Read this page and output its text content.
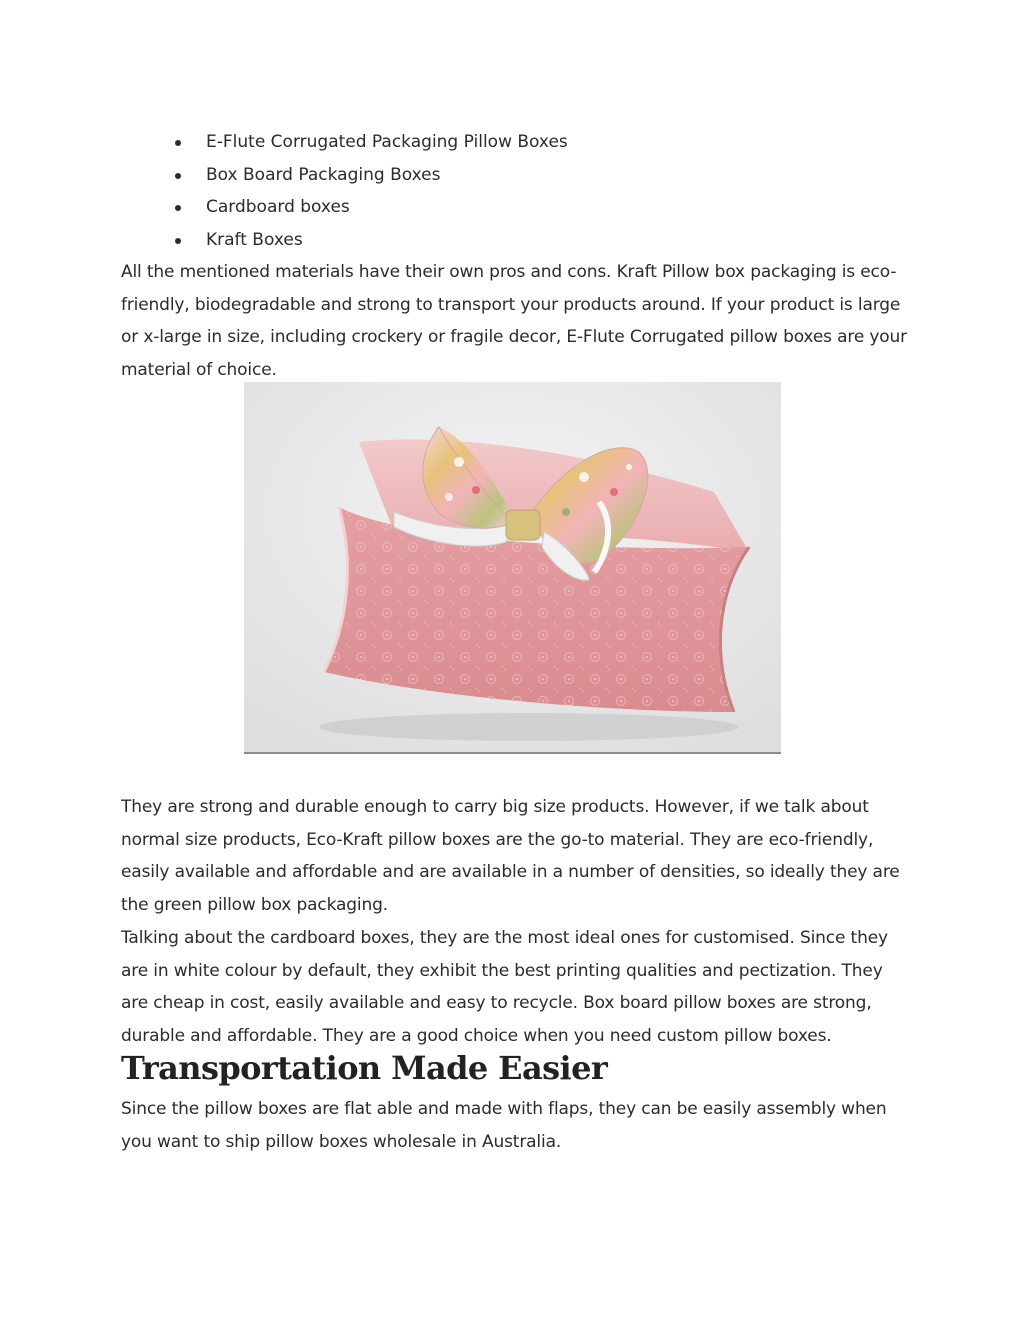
E-Flute Corrugated Packaging Pillow Boxes
Box Board Packaging Boxes
Cardboard boxes
Kraft Boxes

All the mentioned materials have their own pros and cons. Kraft Pillow box packaging is eco-friendly, biodegradable and strong to transport your products around. If your product is large or x-large in size, including crockery or fragile decor, E-Flute Corrugated pillow boxes are your material of choice.

They are strong and durable enough to carry big size products. However, if we talk about normal size products, Eco-Kraft pillow boxes are the go-to material. They are eco-friendly, easily available and affordable and are available in a number of densities, so ideally they are the green pillow box packaging.

Talking about the cardboard boxes, they are the most ideal ones for customised. Since they are in white colour by default, they exhibit the best printing qualities and pectization. They are cheap in cost, easily available and easy to recycle. Box board pillow boxes are strong, durable and affordable. They are a good choice when you need custom pillow boxes.

Transportation Made Easier

Since the pillow boxes are flat able and made with flaps, they can be easily assembly when you want to ship pillow boxes wholesale in Australia.
